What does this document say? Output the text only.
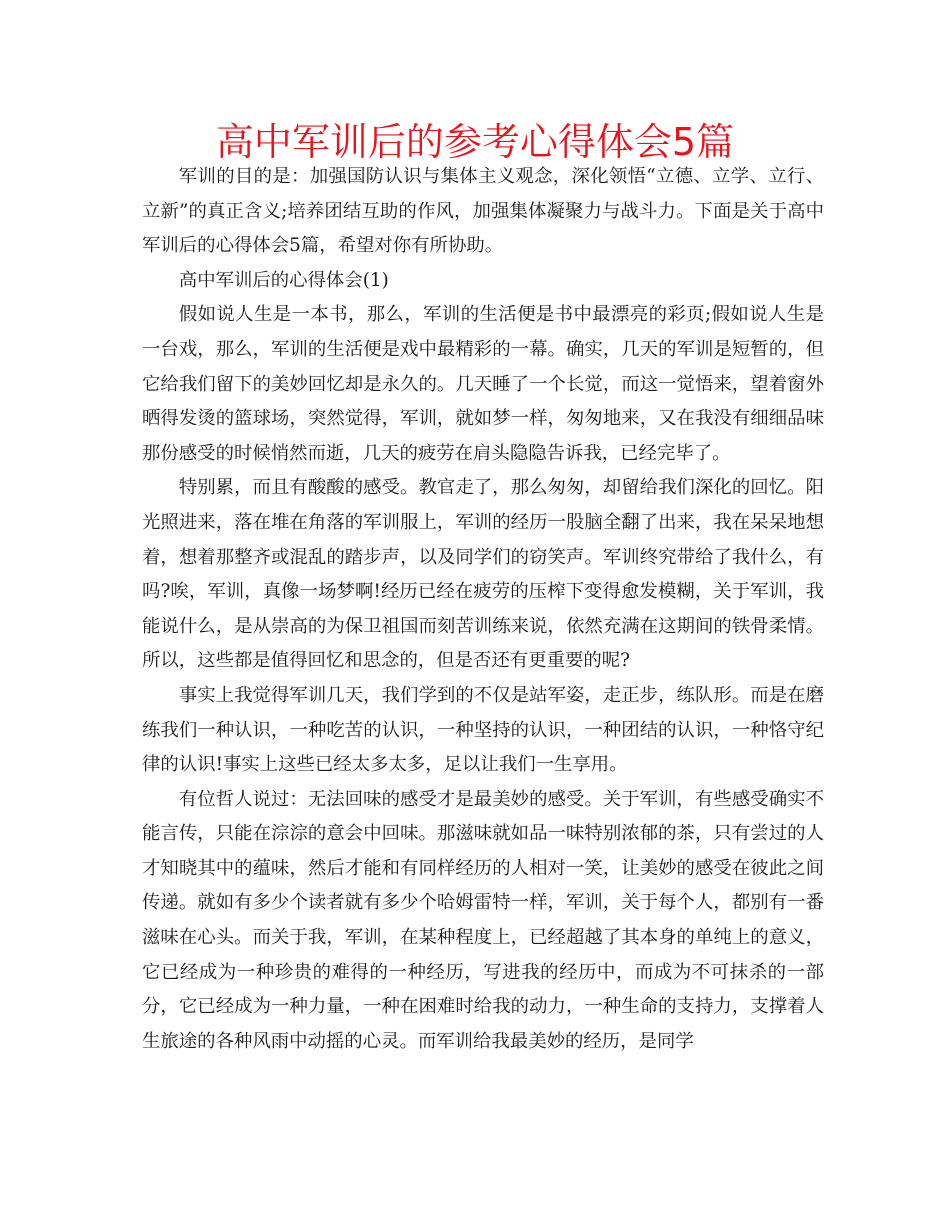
高中军训后的参考心得体会5篇

军训的目的是：加强国防认识与集体主义观念，深化领悟“立德、立学、立行、立新”的真正含义;培养团结互助的作风，加强集体凝聚力与战斗力。下面是关于高中军训后的心得体会5篇，希望对你有所协助。

高中军训后的心得体会(1)

假如说人生是一本书，那么，军训的生活便是书中最漂亮的彩页;假如说人生是一台戏，那么，军训的生活便是戏中最精彩的一幕。确实，几天的军训是短暂的，但它给我们留下的美妙回忆却是永久的。几天睡了一个长觉，而这一觉悟来，望着窗外晒得发烫的篮球场，突然觉得，军训，就如梦一样，匆匆地来，又在我没有细细品味那份感受的时候悄然而逝，几天的疲劳在肩头隐隐告诉我，已经完毕了。

特别累，而且有酸酸的感受。教官走了，那么匆匆，却留给我们深化的回忆。阳光照进来，落在堆在角落的军训服上，军训的经历一股脑全翻了出来，我在呆呆地想着，想着那整齐或混乱的踏步声，以及同学们的窃笑声。军训终究带给了我什么，有吗?唉，军训，真像一场梦啊!经历已经在疲劳的压榨下变得愈发模糊，关于军训，我能说什么，是从崇高的为保卫祖国而刻苦训练来说，依然充满在这期间的铁骨柔情。所以，这些都是值得回忆和思念的，但是否还有更重要的呢?

事实上我觉得军训几天，我们学到的不仅是站军姿，走正步，练队形。而是在磨练我们一种认识，一种吃苦的认识，一种坚持的认识，一种团结的认识，一种恪守纪律的认识!事实上这些已经太多太多，足以让我们一生享用。

有位哲人说过：无法回味的感受才是最美妙的感受。关于军训，有些感受确实不能言传，只能在淙淙的意会中回味。那滋味就如品一味特别浓郁的茶，只有尝过的人才知晓其中的蕴味，然后才能和有同样经历的人相对一笑，让美妙的感受在彼此之间传递。就如有多少个读者就有多少个哈姆雷特一样，军训，关于每个人，都别有一番滋味在心头。而关于我，军训，在某种程度上，已经超越了其本身的单纯上的意义，它已经成为一种珍贵的难得的一种经历，写进我的经历中，而成为不可抹杀的一部分，它已经成为一种力量，一种在困难时给我的动力，一种生命的支持力，支撑着人生旅途的各种风雨中动摇的心灵。而军训给我最美妙的经历，是同学
